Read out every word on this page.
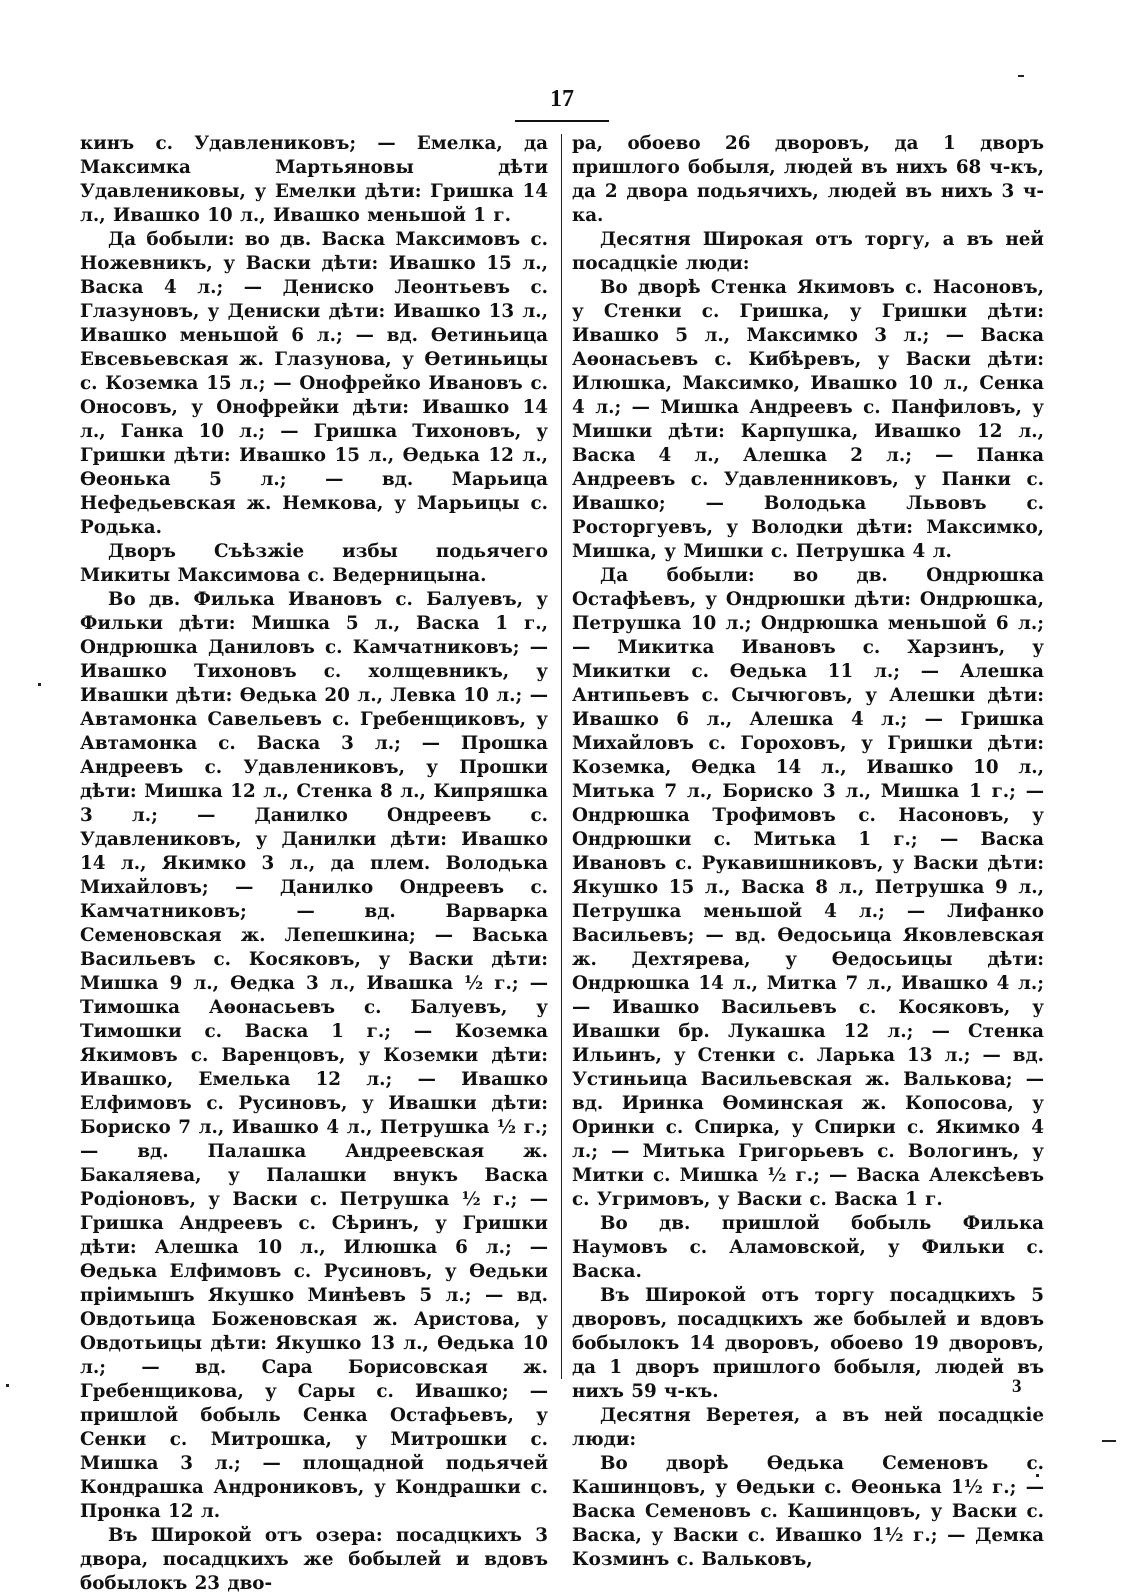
17

кинъ с. Удавлениковъ; — Емелка, да Максимка Мартьяновы дѣти Удавлениковы, у Емелки дѣти: Гришка 14 л., Ивашко 10 л., Ивашко меньшой 1 г.

Да бобыли: во дв. Васка Максимовъ с. Ножевникъ, у Васки дѣти: Ивашко 15 л., Васка 4 л.; — Дениско Леонтьевъ с. Глазуновъ, у Дениски дѣти: Ивашко 13 л., Ивашко меньшой 6 л.; — вд. Ѳетиньица Евсевьевская ж. Глазунова, у Ѳетиньицы с. Коземка 15 л.; — Онофрейко Ивановъ с. Оносовъ, у Онофрейки дѣти: Ивашко 14 л., Ганка 10 л.; — Гришка Тихоновъ, у Гришки дѣти: Ивашко 15 л., Ѳедька 12 л., Ѳеонька 5 л.; — вд. Марьица Нефедьевская ж. Немкова, у Марьицы с. Родька.

Дворъ Съѣзжіе избы подьячего Микиты Максимова с. Ведерницына.

Во дв. Филька Ивановъ с. Балуевъ, у Фильки дѣти: Мишка 5 л., Васка 1 г., Ондрюшка Даниловъ с. Камчатниковъ; — Ивашко Тихоновъ с. холщевникъ, у Ивашки дѣти: Ѳедька 20 л., Левка 10 л.; — Автамонка Савельевъ с. Гребенщиковъ, у Автамонка с. Васка 3 л.; — Прошка Андреевъ с. Удавлениковъ, у Прошки дѣти: Мишка 12 л., Стенка 8 л., Кипряшка 3 л.; — Данилко Ондреевъ с. Удавлениковъ, у Данилки дѣти: Ивашко 14 л., Якимко 3 л., да плем. Володька Михайловъ; — Данилко Ондреевъ с. Камчатниковъ; — вд. Варварка Семеновская ж. Лепешкина; — Васька Васильевъ с. Косяковъ, у Васки дѣти: Мишка 9 л., Ѳедка 3 л., Ивашка ½ г.; — Тимошка Аѳонасьевъ с. Балуевъ, у Тимошки с. Васка 1 г.; — Коземка Якимовъ с. Варенцовъ, у Коземки дѣти: Ивашко, Емелька 12 л.; — Ивашко Елфимовъ с. Русиновъ, у Ивашки дѣти: Бориско 7 л., Ивашко 4 л., Петрушка ½ г.; — вд. Палашка Андреевская ж. Бакаляева, у Палашки внукъ Васка Родіоновъ, у Васки с. Петрушка ½ г.; — Гришка Андреевъ с. Сѣринъ, у Гришки дѣти: Алешка 10 л., Илюшка 6 л.; — Ѳедька Елфимовъ с. Русиновъ, у Ѳедьки пріимышъ Якушко Минѣевъ 5 л.; — вд. Овдотьица Боженовская ж. Аристова, у Овдотьицы дѣти: Якушко 13 л., Ѳедька 10 л.; — вд. Сара Борисовская ж. Гребенщикова, у Сары с. Ивашко; — пришлой бобыль Сенка Остафьевъ, у Сенки с. Митрошка, у Митрошки с. Мишка 3 л.; — площадной подьячей Кондрашка Андрониковъ, у Кондрашки с. Пронка 12 л.

Въ Широкой отъ озера: посадцкихъ 3 двора, посадцкихъ же бобылей и вдовъ бобылокъ 23 дво-

ра, обоево 26 дворовъ, да 1 дворъ пришлого бобыля, людей въ нихъ 68 ч-къ, да 2 двора подьячихъ, людей въ нихъ 3 ч-ка.

Десятня Широкая отъ торгу, а въ ней посадцкіе люди:

Во дворѣ Стенка Якимовъ с. Насоновъ, у Стенки с. Гришка, у Гришки дѣти: Ивашко 5 л., Максимко 3 л.; — Васка Аѳонасьевъ с. Кибѣревъ, у Васки дѣти: Илюшка, Максимко, Ивашко 10 л., Сенка 4 л.; — Мишка Андреевъ с. Панфиловъ, у Мишки дѣти: Карпушка, Ивашко 12 л., Васка 4 л., Алешка 2 л.; — Панка Андреевъ с. Удавленниковъ, у Панки с. Ивашко; — Володька Львовъ с. Росторгуевъ, у Володки дѣти: Максимко, Мишка, у Мишки с. Петрушка 4 л.

Да бобыли: во дв. Ондрюшка Остафѣевъ, у Ондрюшки дѣти: Ондрюшка, Петрушка 10 л.; Ондрюшка меньшой 6 л.; — Микитка Ивановъ с. Харзинъ, у Микитки с. Ѳедька 11 л.; — Алешка Антипьевъ с. Сычюговъ, у Алешки дѣти: Ивашко 6 л., Алешка 4 л.; — Гришка Михайловъ с. Гороховъ, у Гришки дѣти: Коземка, Ѳедка 14 л., Ивашко 10 л., Митька 7 л., Бориско 3 л., Мишка 1 г.; — Ондрюшка Трофимовъ с. Насоновъ, у Ондрюшки с. Митька 1 г.; — Васка Ивановъ с. Рукавишниковъ, у Васки дѣти: Якушко 15 л., Васка 8 л., Петрушка 9 л., Петрушка меньшой 4 л.; — Лифанко Васильевъ; — вд. Ѳедосьица Яковлевская ж. Дехтярева, у Ѳедосьицы дѣти: Ондрюшка 14 л., Митка 7 л., Ивашко 4 л.; — Ивашко Васильевъ с. Косяковъ, у Ивашки бр. Лукашка 12 л.; — Стенка Ильинъ, у Стенки с. Ларька 13 л.; — вд. Устиньица Васильевская ж. Валькова; — вд. Иринка Ѳоминская ж. Копосова, у Оринки с. Спирка, у Спирки с. Якимко 4 л.; — Митька Григорьевъ с. Вологинъ, у Митки с. Мишка ½ г.; — Васка Алексѣевъ с. Угримовъ, у Васки с. Васка 1 г.

Во дв. пришлой бобыль Филька Наумовъ с. Аламовской, у Фильки с. Васка.

Въ Широкой отъ торгу посадцкихъ 5 дворовъ, посадцкихъ же бобылей и вдовъ бобылокъ 14 дворовъ, обоево 19 дворовъ, да 1 дворъ пришлого бобыля, людей въ нихъ 59 ч-къ.

Десятня Веретея, а въ ней посадцкіе люди:

Во дворѣ Ѳедька Семеновъ с. Кашинцовъ, у Ѳедьки с. Ѳеонька 1½ г.; — Васка Семеновъ с. Кашинцовъ, у Васки с. Васка, у Васки с. Ивашко 1½ г.; — Демка Козминъ с. Вальковъ,

3
